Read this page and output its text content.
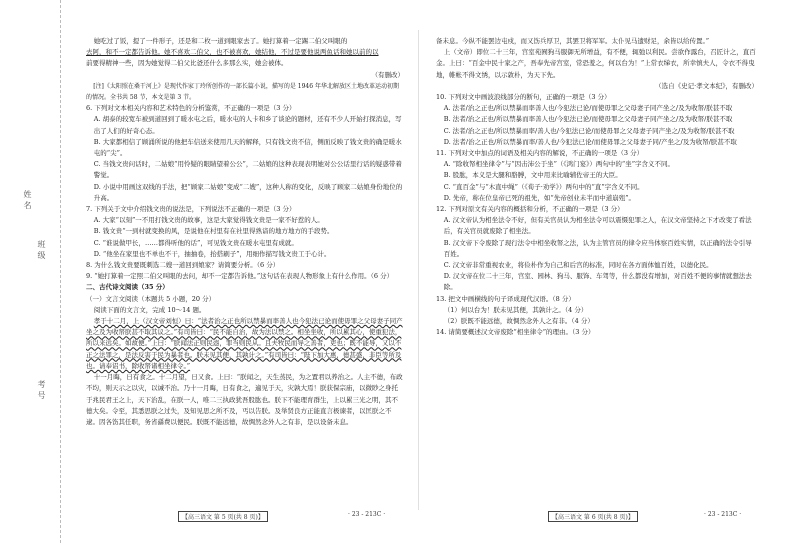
姓名
班级
考号

她吃过了饭，提了一件形子，还是和二枚一道到眼家去了。她打算着一定踢二伯父叫眼的

去阿，和不一定都告诉他。她不喜欢二伯父，也不被喜欢，她结他，不过是要他说两鱼话和她以前的以

前要得精神一些，因为她觉得二伯父比爸还什么多那么实，她会被体。

（有删改）

[注]《太阳照在桑干河上》是现代作家丁玲所创作的一部长篇小说，描写的是 1946 年华北解放区土地改革运动初期的情况。全书共 58 节，本文是第 3 节。

6. 下列对文本相关内容和艺术特色的分析鉴赏，不正确的一项是（3 分）

A. 胡泰的较宽车被到道回到了暖水屯之后，暖水屯的人卡和乡了谈论的题材，还有不少人开始打探消息，写出了人们的好奇心态。

B. 大家都相信了顾涌所说的他把车信送来使用几天的解释，只有钱文贵不信，侧面反映了钱文贵的确是暖水屯的“尖”。

C. 当钱文贵问话时，二姑娘“用怜疑的眼睛望着公公”，二姑娘的这种表现表明她对公公话里行话的疑惑带着警觉。

D. 小说中用画这双线的手法，把“顾家二姑娘”变成“二嫂”，这种人称的变化，反映了顾家二姑娘身份地位的升高。

7. 下列关于文中介绍钱文贵的说法是，下列说法不正确的一项是（3 分）

A. 大家“以刻”一不用打钱文贵的故事，这是大家觉得钱文贵是一家不好惹的人。

B. 钱文贵“一到村就变换的风，是说他在村里有在社里得熟谙的地方地方的手段势。

C. “谁说做甲长，……都得听他的话”，可见钱文贵在暖水屯里有成就。

D. “他坐在家里也不单也不干，抽抽卷，抬搭刷子”，用细作描写钱文贵工于心计。

8. 为什么钱文贵要既刺选二嫂一道回到娘家？请简要分析。（6 分）

9. “她打算着一定照二伯父叫眼的去问，却不一定都告诉他。”这句话在表现人物形象上有什么作用。（6 分）

二、古代诗文阅读（35 分）

（一）文言文阅读（本题共 5 小题，20 分）

阅读下面的文言文，完成 10～14 题。

孝于十二月，上（汉文帝刘恒）曰：“法者治之正也所以禁暴而率善人也今犯法已论而使毋罪之父母妻子同产坐之及为收帑朕甚不取其议之。”有司皆曰：“民不能自治，故为法以禁之。相坐坐收，所以累其心，使重犯法，所以来远矣。如故便。”上曰：“朕闻法正则民悫，罪当则民从。且夫牧民而导之善者，吏也；既不能导，又以不正之法罪之，是法反害于民为暴者也。朕未见其便，其孰计之。”有司皆曰：“陛下加大惠，德甚盛，非臣等所及也。请奉诏书，除收帑诸相坐律令。”

十一月晦，日有食之。十二月望，日又食。上曰：“朕闻之，天生蒸民，为之置君以养治之。人主不德，布政不均，则天示之以灾，以诫不治。乃十一月晦，日有食之，適见于天，灾孰大焉！朕获保宗庙，以微眇之身托于兆民君王之上，天下治乱，在朕一人，唯二三执政犹吾股肱也。朕下不能理育群生，上以累三光之明，其不德大矣。令至，其悉思朕之过失，及知见思之所不及，丐以告朕。及举贤良方正能直言极谏者，以匡朕之不逮。因各饬其任职，务省繇费以便民。朕既不能远德，故惆然念外人之有非，是以设备未息。

备未息。今纵不能罢边屯戍，而又饬兵厚卫，其罢卫将军军。太仆见马遗财足，余皆以给传置。”

上（文帝）即位二十三年，宫室苑囿狗马服御无所增益，有不便，辄弛以利民。尝欲作露台，召匠计之，直百金。上曰：“百金中民十家之产，吾奉先帝宫室，常恐羞之，何以台为！”上常衣绨衣，所幸慎夫人，令衣不得曳地，帷帐不得文绣，以示敦朴，为天下先。

（选自《史记·孝文本纪》，有删改）

10. 下列对文中画波浪线部分的断句，正确的一项是（3 分）

A. 法者/治之正也/所以禁暴而率善人也/今犯法已论/而使毋罪之父母妻子同产坐之/及为收帑/朕甚不取

B. 法者/治之正也/所以禁暴而率善人也/今犯法已论/而使毋罪之父母妻子同产坐之/及为收帑/朕甚不取

C. 法者/治之正也/所以禁暴而率/善人也/今犯法已论/而使毋罪之父母妻子同产坐之/及为收帑/朕甚不取

D. 法者/治之正也/所以禁暴而率/善人也/今犯法已论/而使毋罪之父母妻子同/产坐之/及为收帑/朕甚不取

11. 下列对文中加点的词语及相关内容的解说，不正确的一项是（3 分）

A. “除收帑相坐律令”与“因击沛公于坐”（《鸿门宴》）两句中的“坐”字含义不同。

B. 股肱，本义是大腿和胳膊，文中用来比喻辅佐帝王的大臣。

C. “直百金”与“木直中绳”（《荀子·劝学》）两句中的“直”字含义不同。

D. 先帝，称在位皇帝已死的祖先，如“先帝创业未半而中道崩殂”。

12. 下列对原文有关内容的概括和分析，不正确的一项是（3 分）

A. 汉文帝认为相坐法令不好，但有关官员认为相坐法令可以震慑犯罪之人，在汉文帝坚持之下才改变了看法后，有关官员就废除了相坐法。

B. 汉文帝下令废除了现行法令中相坐收帑之法，认为主管官员的律令应当体察百姓实情，以正确的法令引导百姓。

C. 汉文帝非常重视农业，将俭朴作为自己和后宫的标准，同时在各方面体恤百姓，以德化民。

D. 汉文帝在位二十三年，宫室、园林、狗马、服饰、车驾等，什么都没有增加，对百姓不便的事情就想法去除。

13. 把文中画横线的句子译成现代汉语。（8 分）

（1）何以台为！朕未见其便，其孰计之。（4 分）

（2）朕既不能远德，故惆然念外人之有非。（4 分）

14. 请简要概述汉文帝废除“相坐律令”的理由。（3 分）

【高三语文 第 5 页(共 8 页)】	· 23 - 213C ·	【高三语文 第 6 页(共 8 页)】	· 23 - 213C ·
